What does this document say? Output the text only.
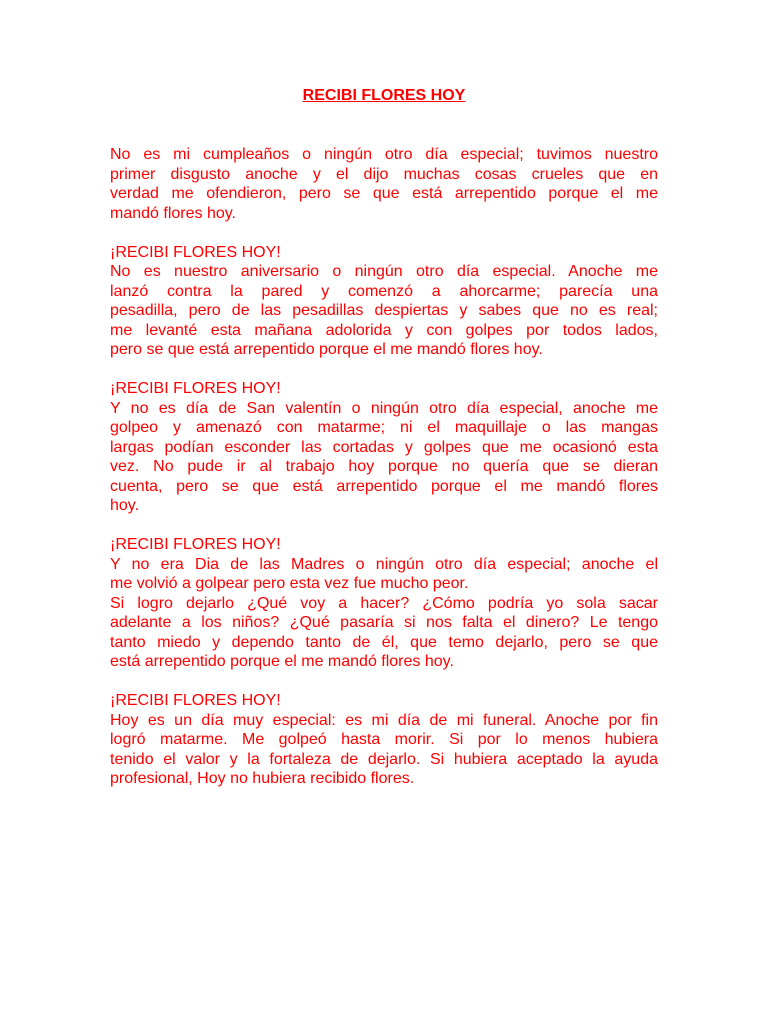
RECIBI FLORES HOY
No es mi cumpleaños o ningún otro día especial; tuvimos nuestro
primer disgusto anoche y el dijo muchas cosas crueles que en
verdad me ofendieron, pero se que está arrepentido porque el me
mandó flores hoy.
¡RECIBI FLORES HOY!
No es nuestro aniversario o ningún otro día especial. Anoche me
lanzó contra la pared y comenzó a ahorcarme; parecía una
pesadilla, pero de las pesadillas despiertas y sabes que no es real;
me levanté esta mañana adolorida y con golpes por todos lados,
pero se que está arrepentido porque el me mandó flores hoy.
¡RECIBI FLORES HOY!
Y no es día de San valentín o ningún otro día especial, anoche me
golpeo y amenazó con matarme; ni el maquillaje o las mangas
largas podían esconder las cortadas y golpes que me ocasionó esta
vez. No pude ir al trabajo hoy porque no quería que se dieran
cuenta, pero se que está arrepentido porque el me mandó flores
hoy.
¡RECIBI FLORES HOY!
Y no era Dia de las Madres o ningún otro día especial; anoche el
me volvió a golpear pero esta vez fue mucho peor.
Si logro dejarlo ¿Qué voy a hacer? ¿Cómo podría yo sola sacar
adelante a los niños? ¿Qué pasaría si nos falta el dinero? Le tengo
tanto miedo y dependo tanto de él, que temo dejarlo, pero se que
está arrepentido porque el me mandó flores hoy.
¡RECIBI FLORES HOY!
Hoy es un día muy especial: es mi día de mi funeral. Anoche por fin
logró matarme. Me golpeó hasta morir. Si por lo menos hubiera
tenido el valor y la fortaleza de dejarlo. Si hubiera aceptado la ayuda
profesional, Hoy no hubiera recibido flores.
